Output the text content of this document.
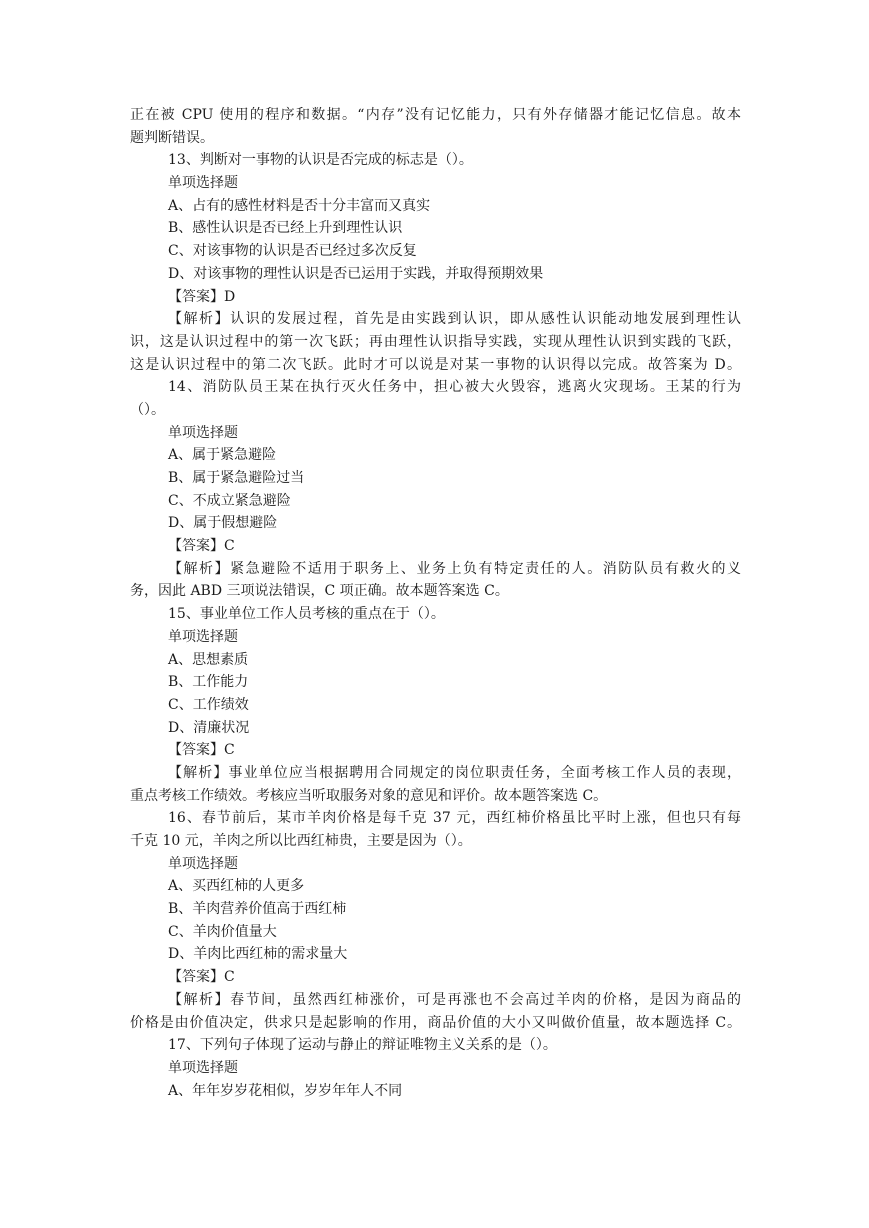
正在被 CPU 使用的程序和数据。“内存”没有记忆能力，只有外存储器才能记忆信息。故本
题判断错误。
13、判断对一事物的认识是否完成的标志是（）。
单项选择题
A、占有的感性材料是否十分丰富而又真实
B、感性认识是否已经上升到理性认识
C、对该事物的认识是否已经过多次反复
D、对该事物的理性认识是否已运用于实践，并取得预期效果
【答案】D
【解析】认识的发展过程，首先是由实践到认识，即从感性认识能动地发展到理性认
识，这是认识过程中的第一次飞跃；再由理性认识指导实践，实现从理性认识到实践的飞跃，
这是认识过程中的第二次飞跃。此时才可以说是对某一事物的认识得以完成。故答案为 D。
14、消防队员王某在执行灭火任务中，担心被大火毁容，逃离火灾现场。王某的行为
（）。
单项选择题
A、属于紧急避险
B、属于紧急避险过当
C、不成立紧急避险
D、属于假想避险
【答案】C
【解析】紧急避险不适用于职务上、业务上负有特定责任的人。消防队员有救火的义
务，因此 ABD 三项说法错误，C 项正确。故本题答案选 C。
15、事业单位工作人员考核的重点在于（）。
单项选择题
A、思想素质
B、工作能力
C、工作绩效
D、清廉状况
【答案】C
【解析】事业单位应当根据聘用合同规定的岗位职责任务，全面考核工作人员的表现，
重点考核工作绩效。考核应当听取服务对象的意见和评价。故本题答案选 C。
16、春节前后，某市羊肉价格是每千克 37 元，西红柿价格虽比平时上涨，但也只有每
千克 10 元，羊肉之所以比西红柿贵，主要是因为（）。
单项选择题
A、买西红柿的人更多
B、羊肉营养价值高于西红柿
C、羊肉价值量大
D、羊肉比西红柿的需求量大
【答案】C
【解析】春节间，虽然西红柿涨价，可是再涨也不会高过羊肉的价格，是因为商品的
价格是由价值决定，供求只是起影响的作用，商品价值的大小又叫做价值量，故本题选择 C。
17、下列句子体现了运动与静止的辩证唯物主义关系的是（）。
单项选择题
A、年年岁岁花相似，岁岁年年人不同
